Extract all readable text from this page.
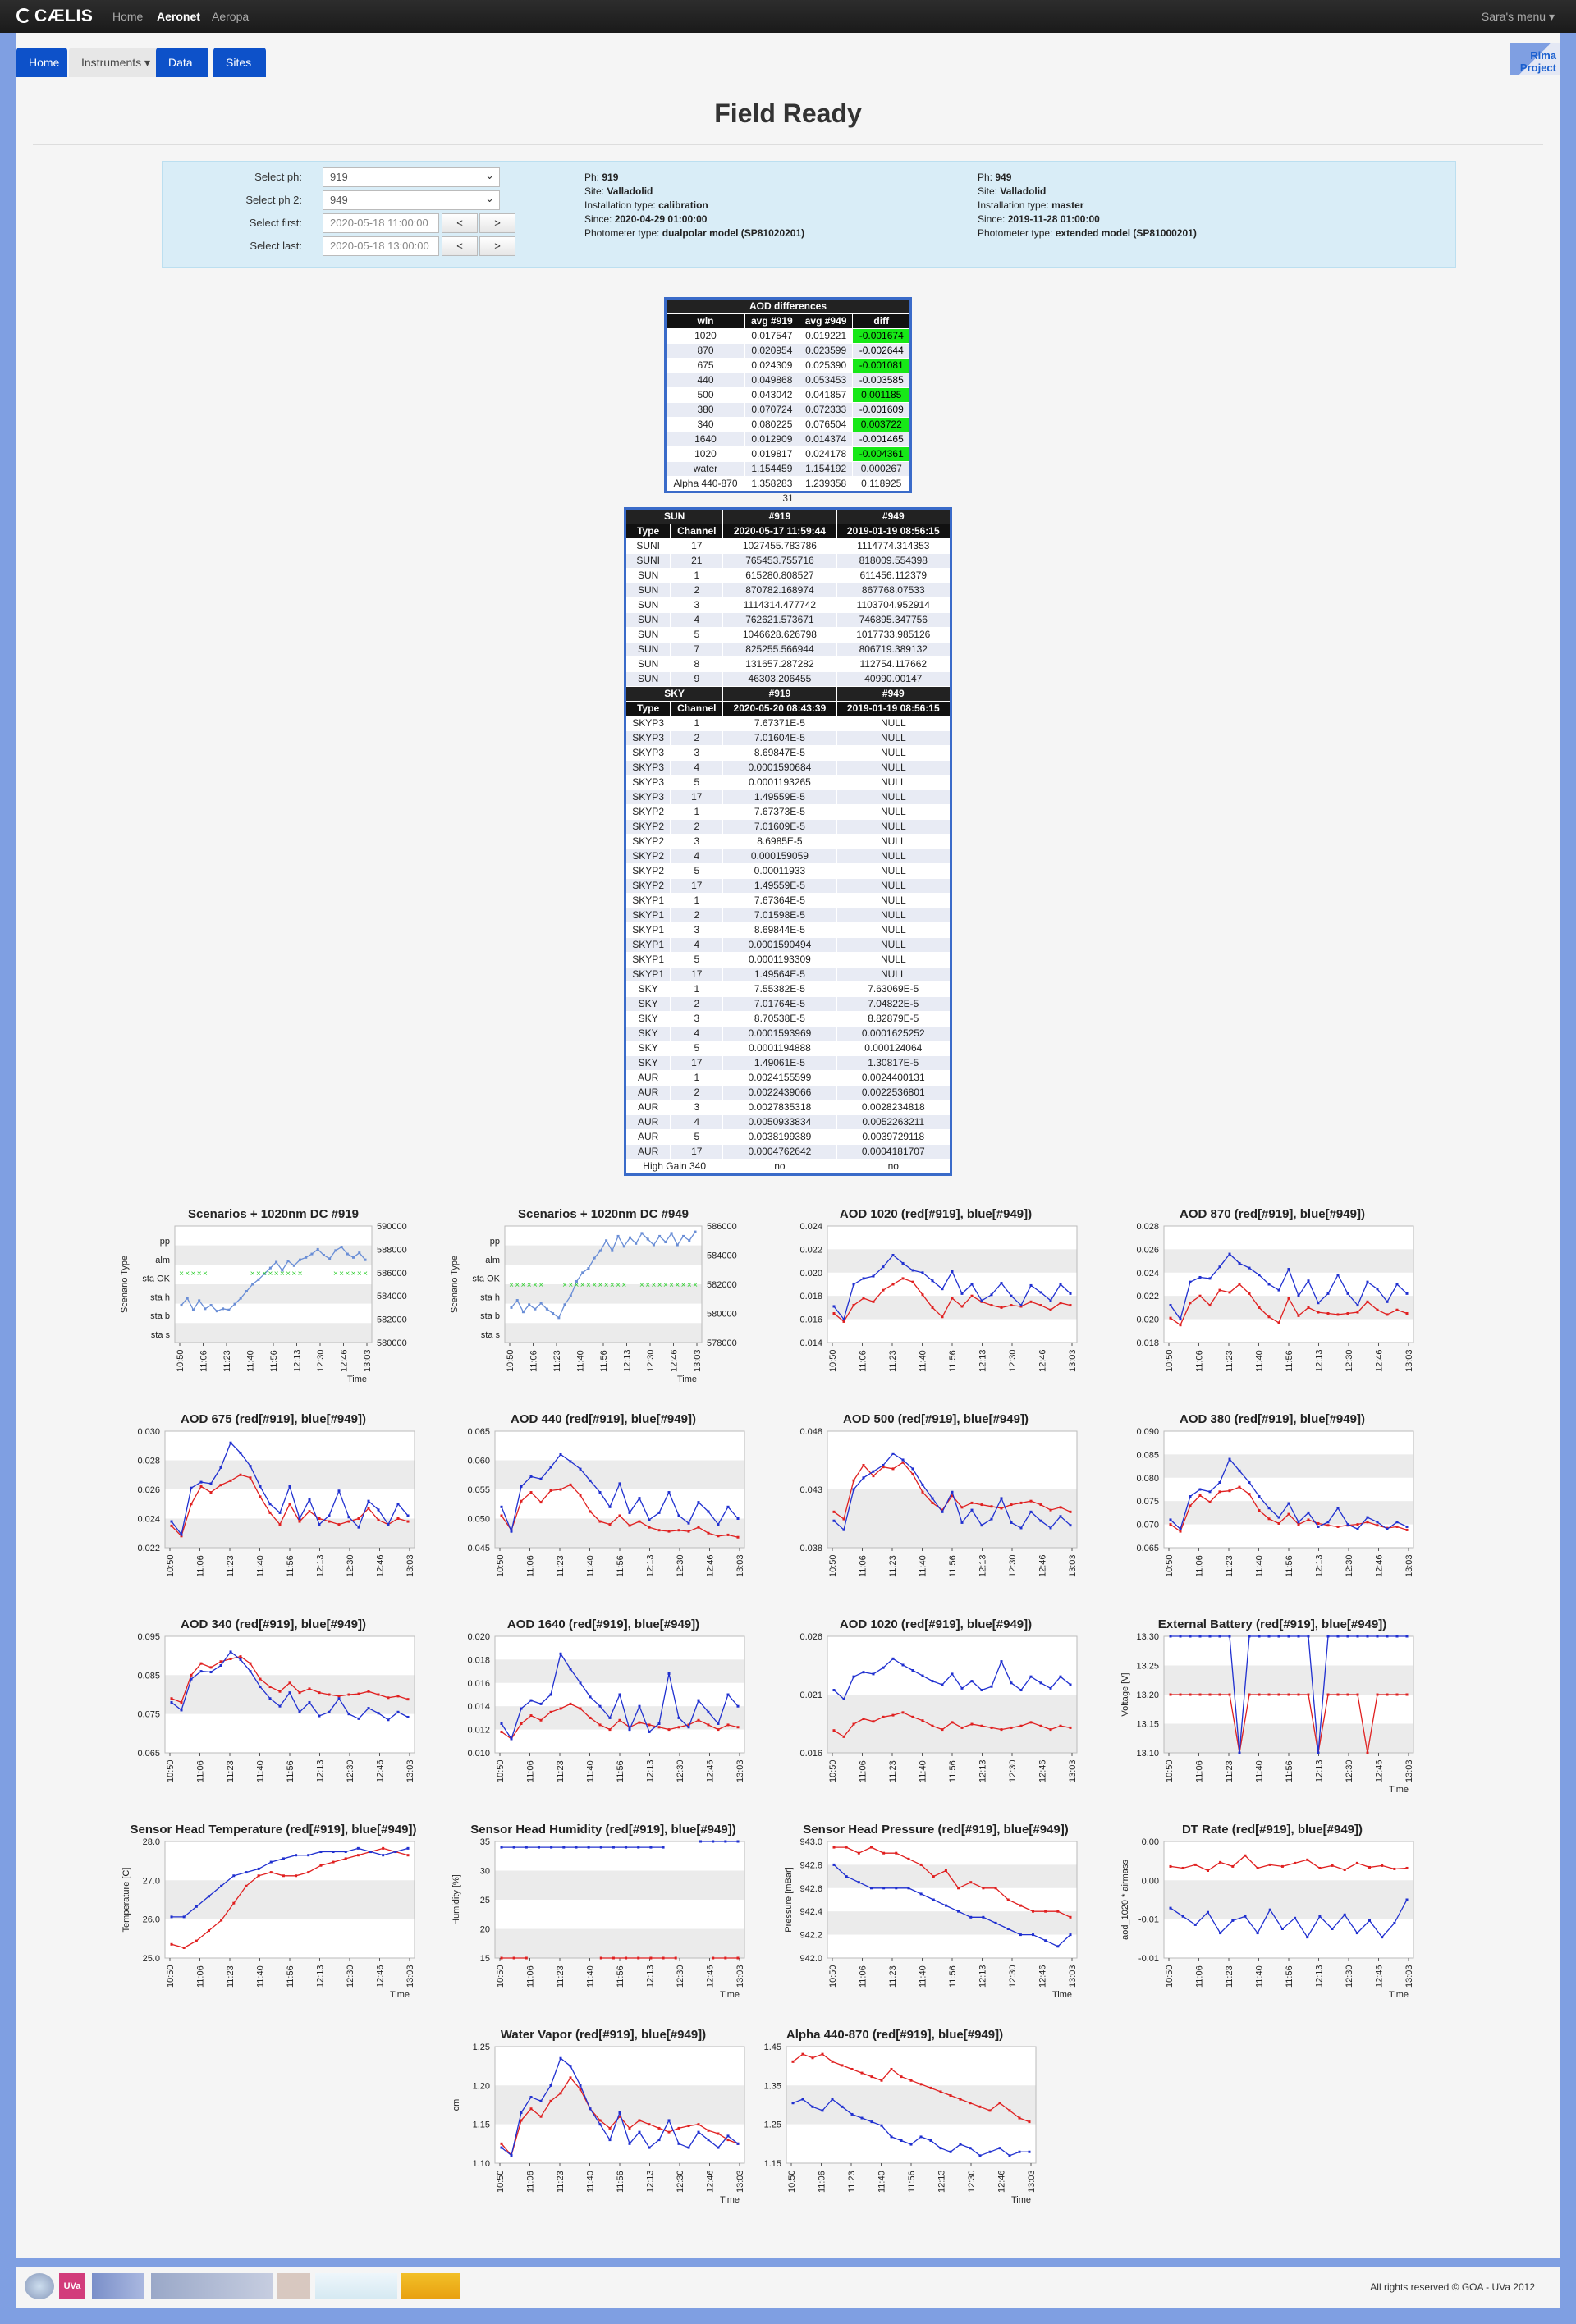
CÆLIS Home Aeronet Aeropa	Sara's menu ▾
Home	Instruments ▾	Data	Sites
Rima
Project
Field Ready
Select ph:	919	⌄
Select ph 2:	949	⌄
Select first:	2020-05-18 11:00:00	<	>
Select last:	2020-05-18 13:00:00	<	>
Ph: 919
Site: Valladolid
Installation type: calibration
Since: 2020-04-29 01:00:00
Photometer type: dualpolar model (SP81020201)
Ph: 949
Site: Valladolid
Installation type: master
Since: 2019-11-28 01:00:00
Photometer type: extended model (SP81000201)
AOD differences			
wln	avg #919	avg #949	diff
1020	0.017547	0.019221	-0.001674
870	0.020954	0.023599	-0.002644
675	0.024309	0.025390	-0.001081
440	0.049868	0.053453	-0.003585
500	0.043042	0.041857	0.001185
380	0.070724	0.072333	-0.001609
340	0.080225	0.076504	0.003722
1640	0.012909	0.014374	-0.001465
1020	0.019817	0.024178	-0.004361
water	1.154459	1.154192	0.000267
Alpha 440-870	1.358283	1.239358	0.118925
31
SUN		#919	#949
Type	Channel	2020-05-17 11:59:44	2019-01-19 08:56:15
SUNI	17	1027455.783786	1114774.314353
SUNI	21	765453.755716	818009.554398
SUN	1	615280.808527	611456.112379
SUN	2	870782.168974	867768.07533
SUN	3	1114314.477742	1103704.952914
SUN	4	762621.573671	746895.347756
SUN	5	1046628.626798	1017733.985126
SUN	7	825255.566944	806719.389132
SUN	8	131657.287282	112754.117662
SUN	9	46303.206455	40990.00147
SKY		#919	#949
Type	Channel	2020-05-20 08:43:39	2019-01-19 08:56:15
SKYP3	1	7.67371E-5	NULL
SKYP3	2	7.01604E-5	NULL
SKYP3	3	8.69847E-5	NULL
SKYP3	4	0.0001590684	NULL
SKYP3	5	0.0001193265	NULL
SKYP3	17	1.49559E-5	NULL
SKYP2	1	7.67373E-5	NULL
SKYP2	2	7.01609E-5	NULL
SKYP2	3	8.6985E-5	NULL
SKYP2	4	0.000159059	NULL
SKYP2	5	0.00011933	NULL
SKYP2	17	1.49559E-5	NULL
SKYP1	1	7.67364E-5	NULL
SKYP1	2	7.01598E-5	NULL
SKYP1	3	8.69844E-5	NULL
SKYP1	4	0.0001590494	NULL
SKYP1	5	0.0001193309	NULL
SKYP1	17	1.49564E-5	NULL
SKY	1	7.55382E-5	7.63069E-5
SKY	2	7.01764E-5	7.04822E-5
SKY	3	8.70538E-5	8.82879E-5
SKY	4	0.0001593969	0.0001625252
SKY	5	0.0001194888	0.000124064
SKY	17	1.49061E-5	1.30817E-5
AUR	1	0.0024155599	0.0024400131
AUR	2	0.0022439066	0.0022536801
AUR	3	0.0027835318	0.0028234818
AUR	4	0.0050933834	0.0052263211
AUR	5	0.0038199389	0.0039729118
AUR	17	0.0004762642	0.0004181707
High Gain 340		no	no
Scenarios + 1020nm DC #919
pp
alm
sta OK
sta h
sta b
sta s
590000
588000
586000
584000
582000
580000
10:50 11:06 11:23 11:40 11:56 12:13 12:30 12:46 13:03
Time
Scenario Type	× × × × ×	× × × × × × × × ×	× × × × × ×
Scenarios + 1020nm DC #949
pp
alm
sta OK
sta h
sta b
sta s
586000
584000
582000
580000
578000
10:50 11:06 11:23 11:40 11:56 12:13 12:30 12:46 13:03
Time
Scenario Type	× × × × × × × × × × × × × × × × × × × × × × × × × × ×
AOD 1020 (red[#919], blue[#949])
0.024
0.022
0.020
0.018
0.016
0.014
10:50 11:06 11:23 11:40 11:56 12:13 12:30 12:46 13:03
AOD 870 (red[#919], blue[#949])
0.028
0.026
0.024
0.022
0.020
0.018
10:50 11:06 11:23 11:40 11:56 12:13 12:30 12:46 13:03
AOD 675 (red[#919], blue[#949])
0.030
0.028
0.026
0.024
0.022
10:50 11:06 11:23 11:40 11:56 12:13 12:30 12:46 13:03
AOD 440 (red[#919], blue[#949])
0.065
0.060
0.055
0.050
0.045
10:50 11:06 11:23 11:40 11:56 12:13 12:30 12:46 13:03
AOD 500 (red[#919], blue[#949])
0.048
0.043
0.038
10:50 11:06 11:23 11:40 11:56 12:13 12:30 12:46 13:03
AOD 380 (red[#919], blue[#949])
0.090
0.085
0.080
0.075
0.070
0.065
10:50 11:06 11:23 11:40 11:56 12:13 12:30 12:46 13:03
AOD 340 (red[#919], blue[#949])
0.095
0.085
0.075
0.065
10:50 11:06 11:23 11:40 11:56 12:13 12:30 12:46 13:03
AOD 1640 (red[#919], blue[#949])
0.020
0.018
0.016
0.014
0.012
0.010
10:50 11:06 11:23 11:40 11:56 12:13 12:30 12:46 13:03
AOD 1020 (red[#919], blue[#949])
0.026
0.021
0.016
10:50 11:06 11:23 11:40 11:56 12:13 12:30 12:46 13:03
External Battery (red[#919], blue[#949])
13.30
13.25
13.20
13.15
13.10
10:50 11:06 11:23 11:40 11:56 12:13 12:30 12:46 13:03
Time
Voltage [V]
Sensor Head Temperature (red[#919], blue[#949])
28.0
27.0
26.0
25.0
10:50 11:06 11:23 11:40 11:56 12:13 12:30 12:46 13:03
Time
Temperature [C]
Sensor Head Humidity (red[#919], blue[#949])
35
30
25
20
15
10:50 11:06 11:23 11:40 11:56 12:13 12:30 12:46 13:03
Time
Humidity [%]
Sensor Head Pressure (red[#919], blue[#949])
943.0
942.8
942.6
942.4
942.2
942.0
10:50 11:06 11:23 11:40 11:56 12:13 12:30 12:46 13:03
Time
Pressure [mBar]
DT Rate (red[#919], blue[#949])
0.00
0.00
-0.01
-0.01
10:50 11:06 11:23 11:40 11:56 12:13 12:30 12:46 13:03
Time
aod_1020 * airmass
Water Vapor (red[#919], blue[#949])
1.25
1.20
1.15
1.10
10:50 11:06 11:23 11:40 11:56 12:13 12:30 12:46 13:03
Time
cm
Alpha 440-870 (red[#919], blue[#949])
1.45
1.35
1.25
1.15
10:50 11:06 11:23 11:40 11:56 12:13 12:30 12:46 13:03
Time
UVa	All rights reserved © GOA - UVa 2012
